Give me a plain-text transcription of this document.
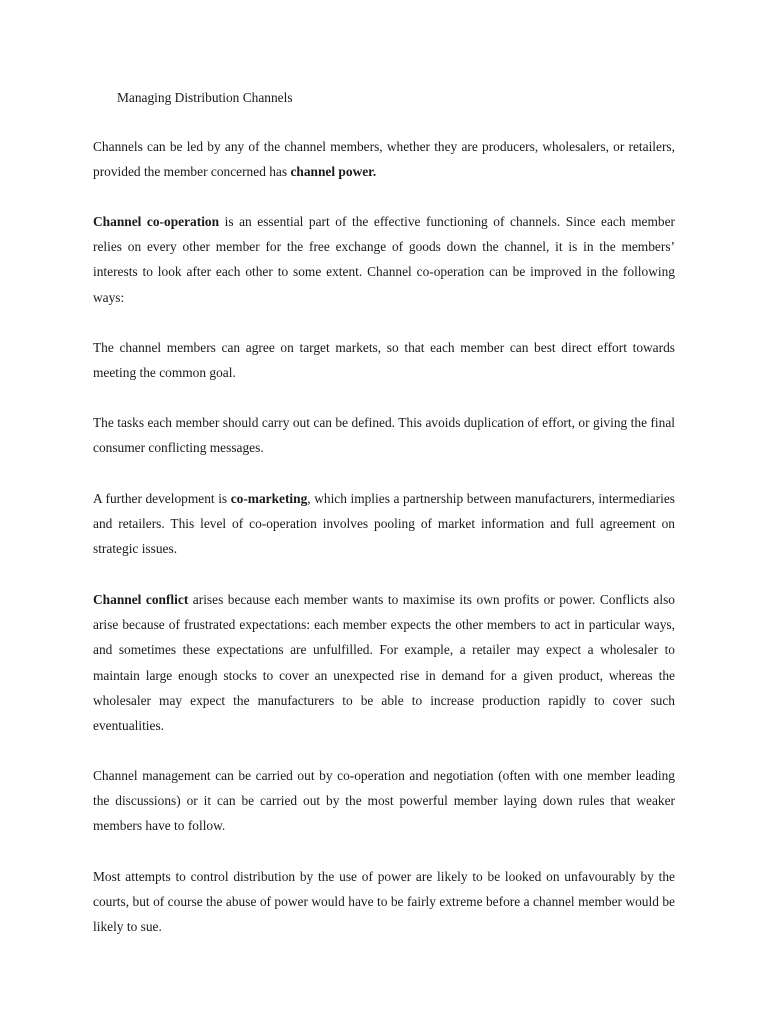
Managing Distribution Channels

Channels can be led by any of the channel members, whether they are producers, wholesalers, or retailers, provided the member concerned has channel power.

Channel co-operation is an essential part of the effective functioning of channels. Since each member relies on every other member for the free exchange of goods down the channel, it is in the members’ interests to look after each other to some extent. Channel co-operation can be improved in the following ways:

The channel members can agree on target markets, so that each member can best direct effort towards meeting the common goal.

The tasks each member should carry out can be defined. This avoids duplication of effort, or giving the final consumer conflicting messages.

A further development is co-marketing, which implies a partnership between manufacturers, intermediaries and retailers. This level of co-operation involves pooling of market information and full agreement on strategic issues.

Channel conflict arises because each member wants to maximise its own profits or power. Conflicts also arise because of frustrated expectations: each member expects the other members to act in particular ways, and sometimes these expectations are unfulfilled. For example, a retailer may expect a wholesaler to maintain large enough stocks to cover an unexpected rise in demand for a given product, whereas the wholesaler may expect the manufacturers to be able to increase production rapidly to cover such eventualities.

Channel management can be carried out by co-operation and negotiation (often with one member leading the discussions) or it can be carried out by the most powerful member laying down rules that weaker members have to follow.

Most attempts to control distribution by the use of power are likely to be looked on unfavourably by the courts, but of course the abuse of power would have to be fairly extreme before a channel member would be likely to sue.
